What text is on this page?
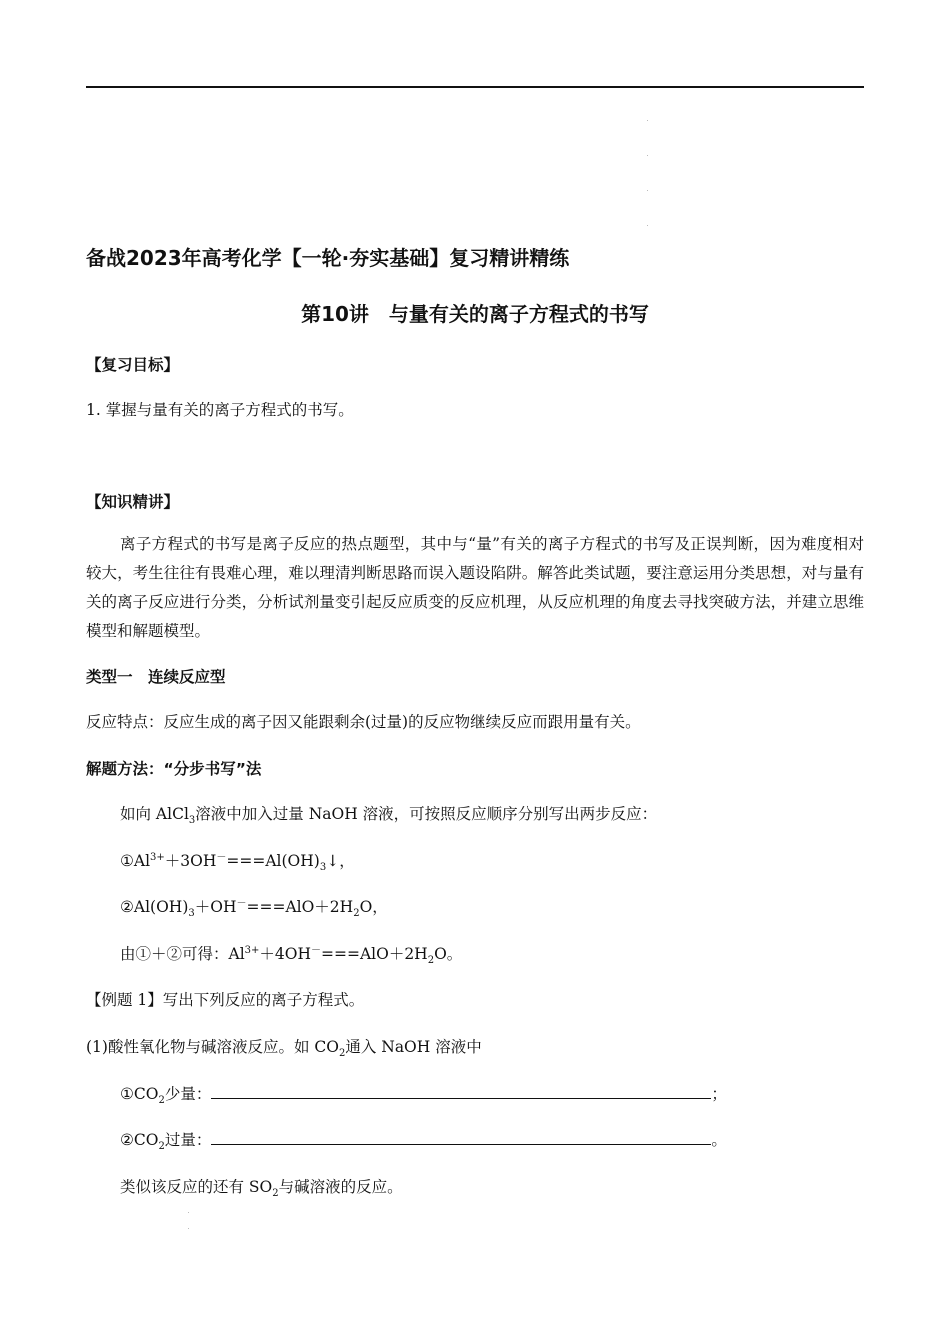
备战2023年高考化学【一轮·夯实基础】复习精讲精练
第10讲　与量有关的离子方程式的书写
【复习目标】
1. 掌握与量有关的离子方程式的书写。
【知识精讲】
离子方程式的书写是离子反应的热点题型，其中与“量”有关的离子方程式的书写及正误判断，因为难度相对较大，考生往往有畏难心理，难以理清判断思路而误入题设陷阱。解答此类试题，要注意运用分类思想，对与量有关的离子反应进行分类，分析试剂量变引起反应质变的反应机理，从反应机理的角度去寻找突破方法，并建立思维模型和解题模型。
类型一　连续反应型
反应特点：反应生成的离子因又能跟剩余(过量)的反应物继续反应而跟用量有关。
解题方法：“分步书写”法
如向 AlCl$_3$溶液中加入过量 NaOH 溶液，可按照反应顺序分别写出两步反应：
$①Al^{3+}+3OH^-===Al(OH)_3↓$，
$②Al(OH)_3+OH^-===AlO+2H_2O$，
由①＋②可得：$Al^{3+}+4OH^-===AlO+2H_2O$。
【例题 1】写出下列反应的离子方程式。
(1)酸性氧化物与碱溶液反应。如 $CO_2$通入 NaOH 溶液中
$①CO_2$少量：	；
$②CO_2$过量：	。
类似该反应的还有 $SO_2$与碱溶液的反应。
